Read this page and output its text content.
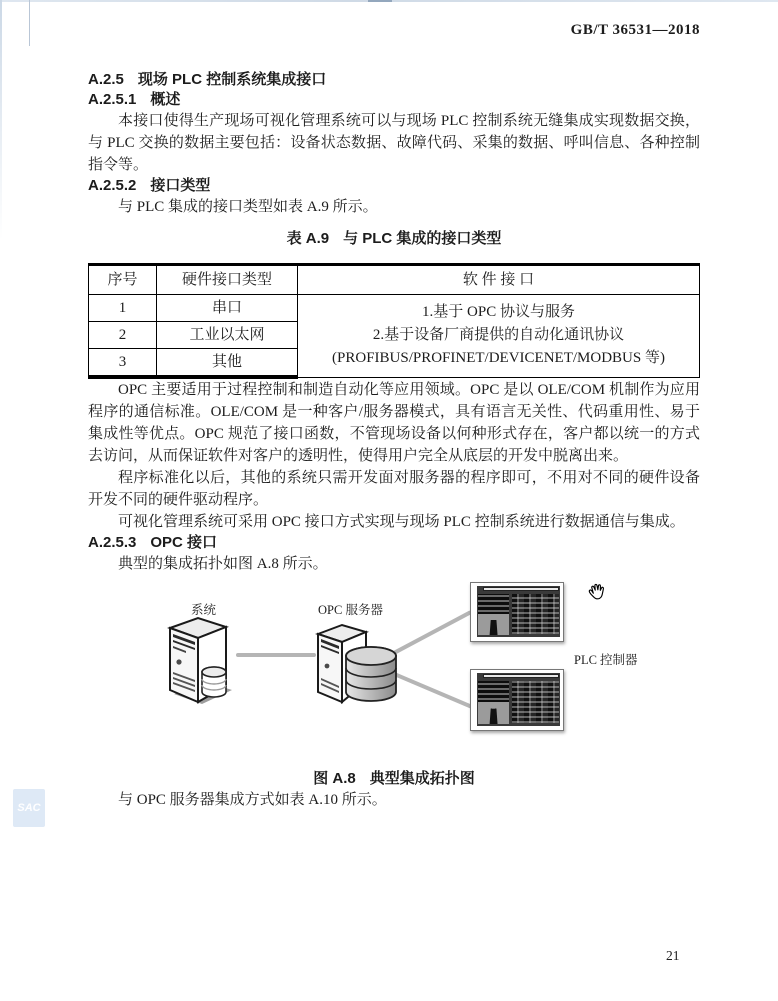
GB/T 36531—2018
A.2.5 现场 PLC 控制系统集成接口
A.2.5.1 概述

本接口使得生产现场可视化管理系统可以与现场 PLC 控制系统无缝集成实现数据交换，与 PLC 交换的数据主要包括：设备状态数据、故障代码、采集的数据、呼叫信息、各种控制指令等。

A.2.5.2 接口类型

与 PLC 集成的接口类型如表 A.9 所示。

表 A.9 与 PLC 集成的接口类型
序号	硬件接口类型	软 件 接 口
1	串口	1.基于 OPC 协议与服务
2.基于设备厂商提供的自动化通讯协议(PROFIBUS/PROFINET/DEVICENET/MODBUS 等)

2	工业以太网	
3	其他	

OPC 主要适用于过程控制和制造自动化等应用领域。OPC 是以 OLE/COM 机制作为应用程序的通信标准。OLE/COM 是一种客户/服务器模式，具有语言无关性、代码重用性、易于集成性等优点。OPC 规范了接口函数，不管现场设备以何种形式存在，客户都以统一的方式去访问，从而保证软件对客户的透明性，使得用户完全从底层的开发中脱离出来。

程序标准化以后，其他的系统只需开发面对服务器的程序即可，不用对不同的硬件设备开发不同的硬件驱动程序。

可视化管理系统可采用 OPC 接口方式实现与现场 PLC 控制系统进行数据通信与集成。

A.2.5.3 OPC 接口

典型的集成拓扑如图 A.8 所示。

系统	OPC 服务器
PLC 控制器
图 A.8 典型集成拓扑图

与 OPC 服务器集成方式如表 A.10 所示。

SAC
21
